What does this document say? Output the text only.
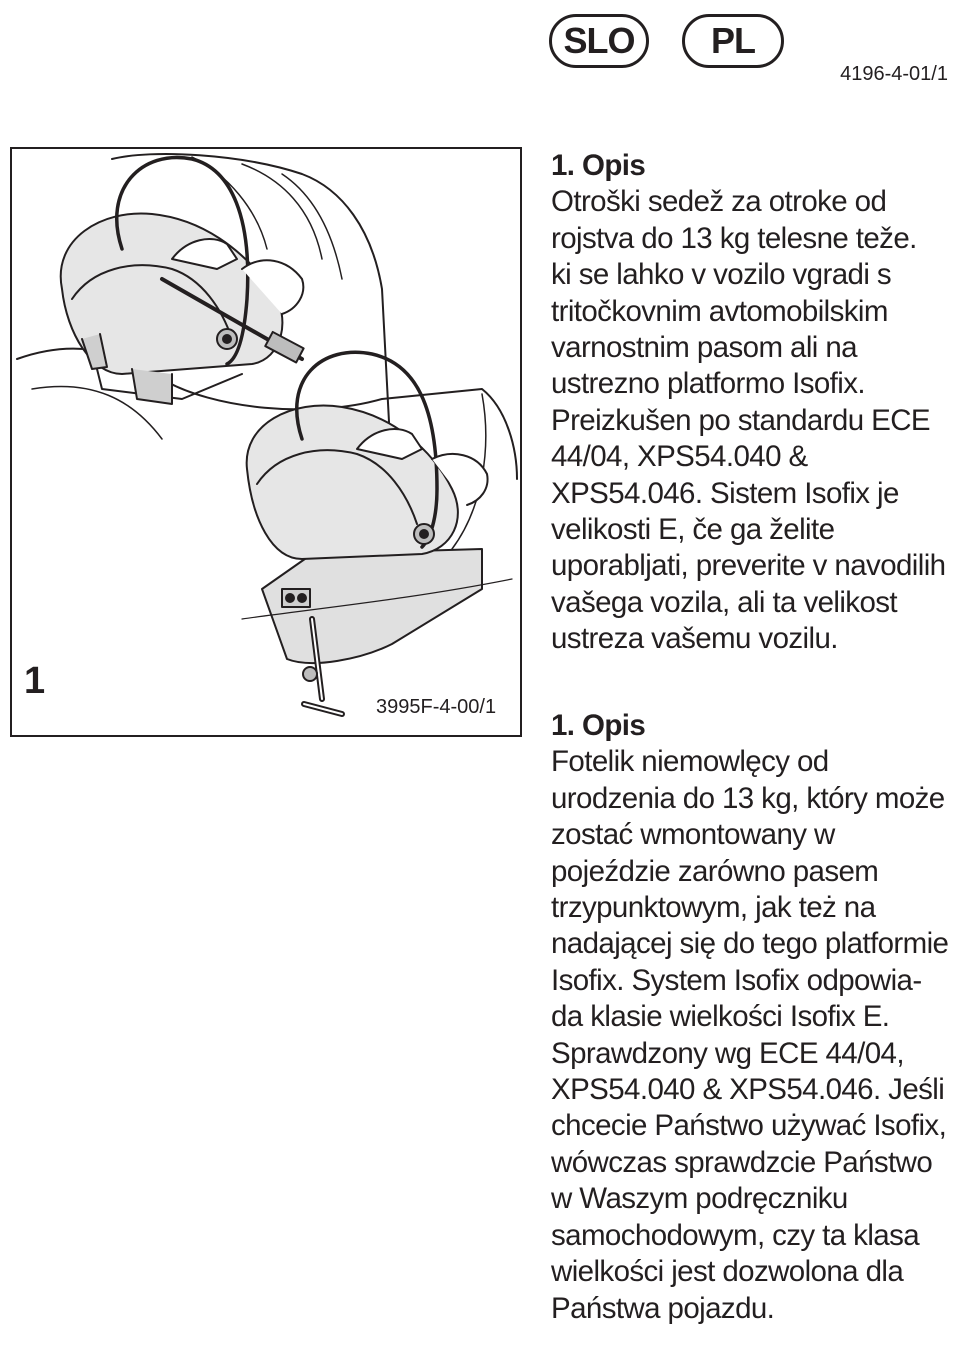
SLO	PL
4196-4-01/1
1
3995F-4-00/1
1. Opis
Otroški sedež za otroke od
rojstva do 13 kg telesne teže.
ki se lahko v vozilo vgradi s
tritočkovnim avtomobilskim
varnostnim pasom ali na
ustrezno platformo Isofix.
Preizkušen po standardu ECE
44/04, XPS54.040 &
XPS54.046. Sistem Isofix je
velikosti E, če ga želite
uporabljati, preverite v navodilih
vašega vozila, ali ta velikost
ustreza vašemu vozilu.
1. Opis
Fotelik niemowlęcy od
urodzenia do 13 kg, który może
zostać wmontowany w
pojeździe zarówno pasem
trzypunktowym, jak też na
nadającej się do tego platformie
Isofix. System Isofix odpowia-
da klasie wielkości Isofix E.
Sprawdzony wg ECE 44/04,
XPS54.040 & XPS54.046. Jeśli
chcecie Państwo używać Isofix,
wówczas sprawdzcie Państwo
w Waszym podręczniku
samochodowym, czy ta klasa
wielkości jest dozwolona dla
Państwa pojazdu.
